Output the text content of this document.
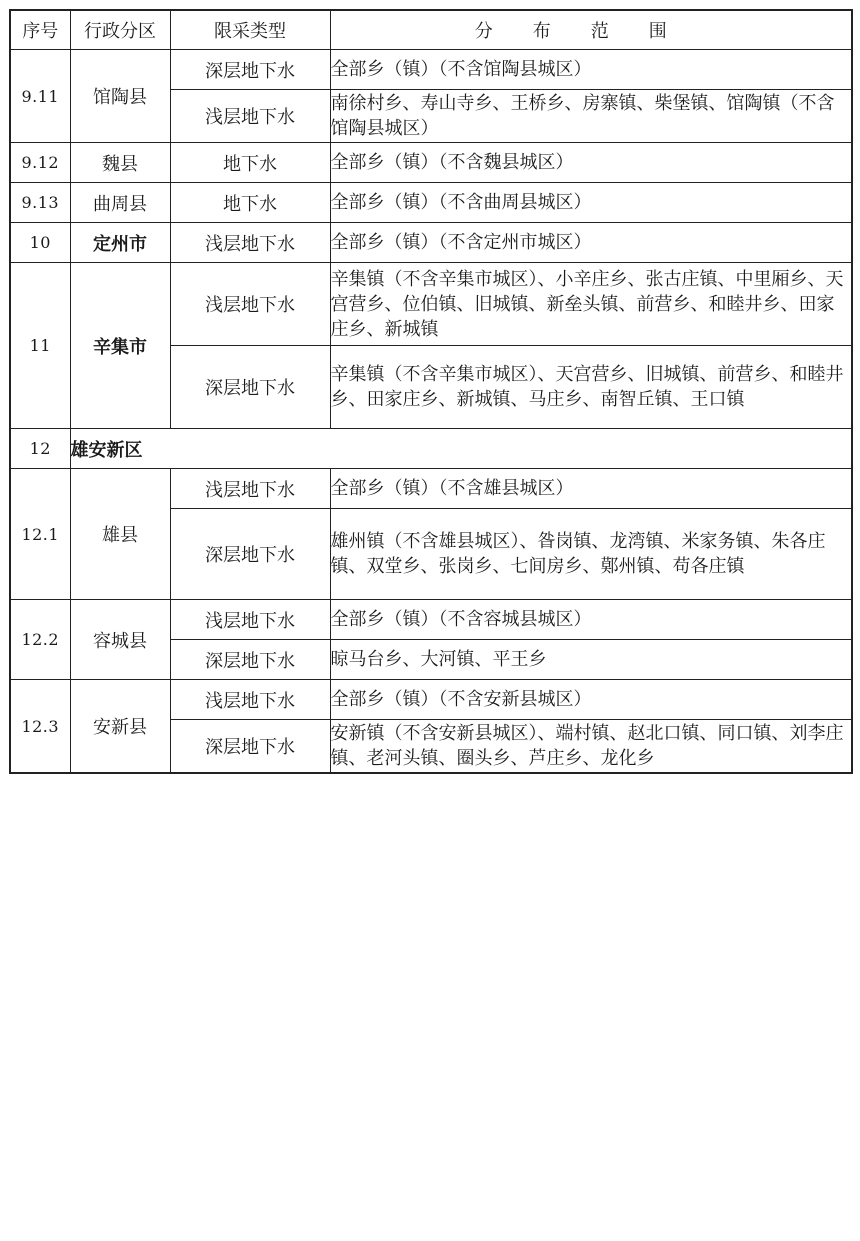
序号	行政分区	限采类型	分布范围
9.11	馆陶县	深层地下水	全部乡（镇）（不含馆陶县城区）
		浅层地下水	南徐村乡、寿山寺乡、王桥乡、房寨镇、柴堡镇、馆陶镇（不含馆陶县城区）
9.12	魏县	地下水	全部乡（镇）（不含魏县城区）
9.13	曲周县	地下水	全部乡（镇）（不含曲周县城区）
10	定州市	浅层地下水	全部乡（镇）（不含定州市城区）
11	辛集市	浅层地下水	辛集镇（不含辛集市城区）、小辛庄乡、张古庄镇、中里厢乡、天宫营乡、位伯镇、旧城镇、新垒头镇、前营乡、和睦井乡、田家庄乡、新城镇
		深层地下水	辛集镇（不含辛集市城区）、天宫营乡、旧城镇、前营乡、和睦井乡、田家庄乡、新城镇、马庄乡、南智丘镇、王口镇
12	雄安新区		
12.1	雄县	浅层地下水	全部乡（镇）（不含雄县城区）
		深层地下水	雄州镇（不含雄县城区）、昝岗镇、龙湾镇、米家务镇、朱各庄镇、双堂乡、张岗乡、七间房乡、鄚州镇、苟各庄镇
12.2	容城县	浅层地下水	全部乡（镇）（不含容城县城区）
		深层地下水	晾马台乡、大河镇、平王乡
12.3	安新县	浅层地下水	全部乡（镇）（不含安新县城区）
		深层地下水	安新镇（不含安新县城区）、端村镇、赵北口镇、同口镇、刘李庄镇、老河头镇、圈头乡、芦庄乡、龙化乡
